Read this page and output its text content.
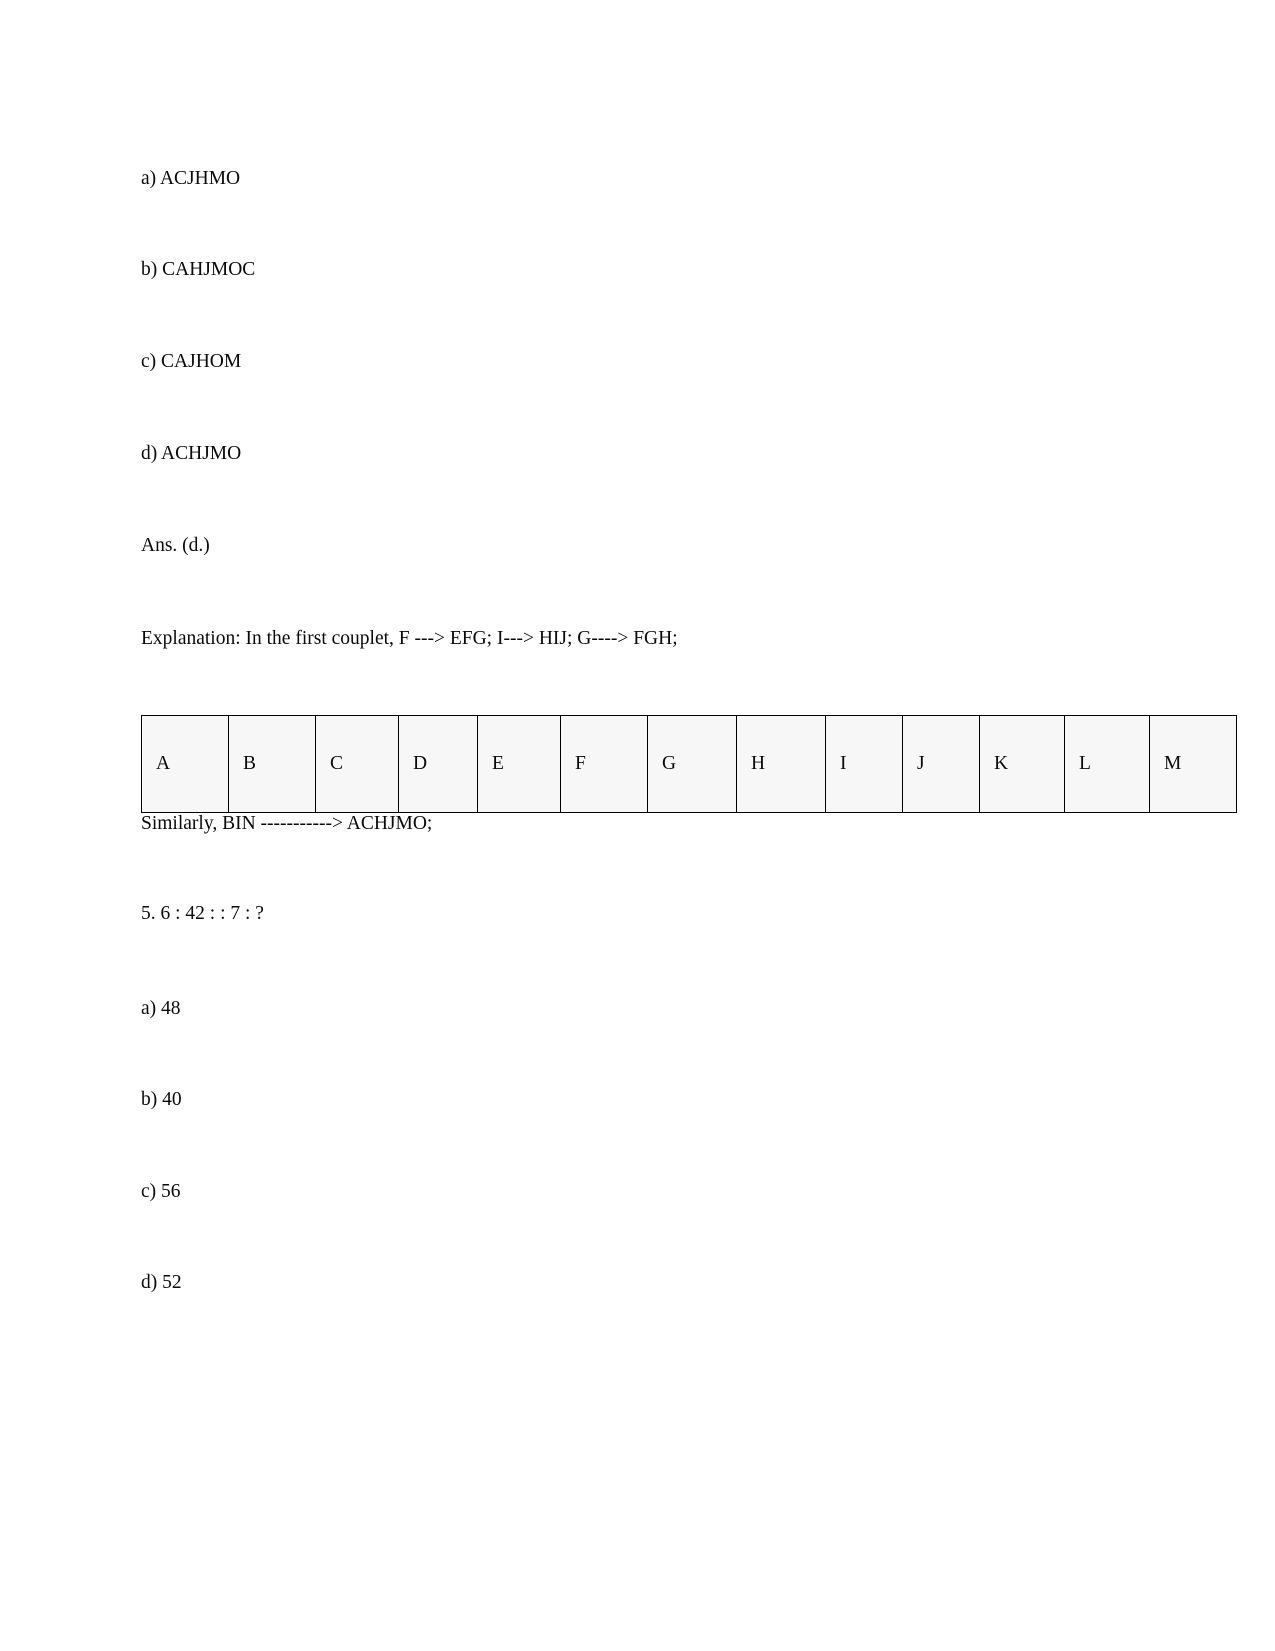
a) ACJHMO
b) CAHJMOC
c) CAJHOM
d) ACHJMO
Ans. (d.)
Explanation: In the first couplet, F ---> EFG; I---> HIJ; G----> FGH;
A	B	C	D	E	F	G	H	I	J	K	L	M
Similarly, BIN -----------> ACHJMO;
5. 6 : 42 : : 7 : ?
a) 48
b) 40
c) 56
d) 52
